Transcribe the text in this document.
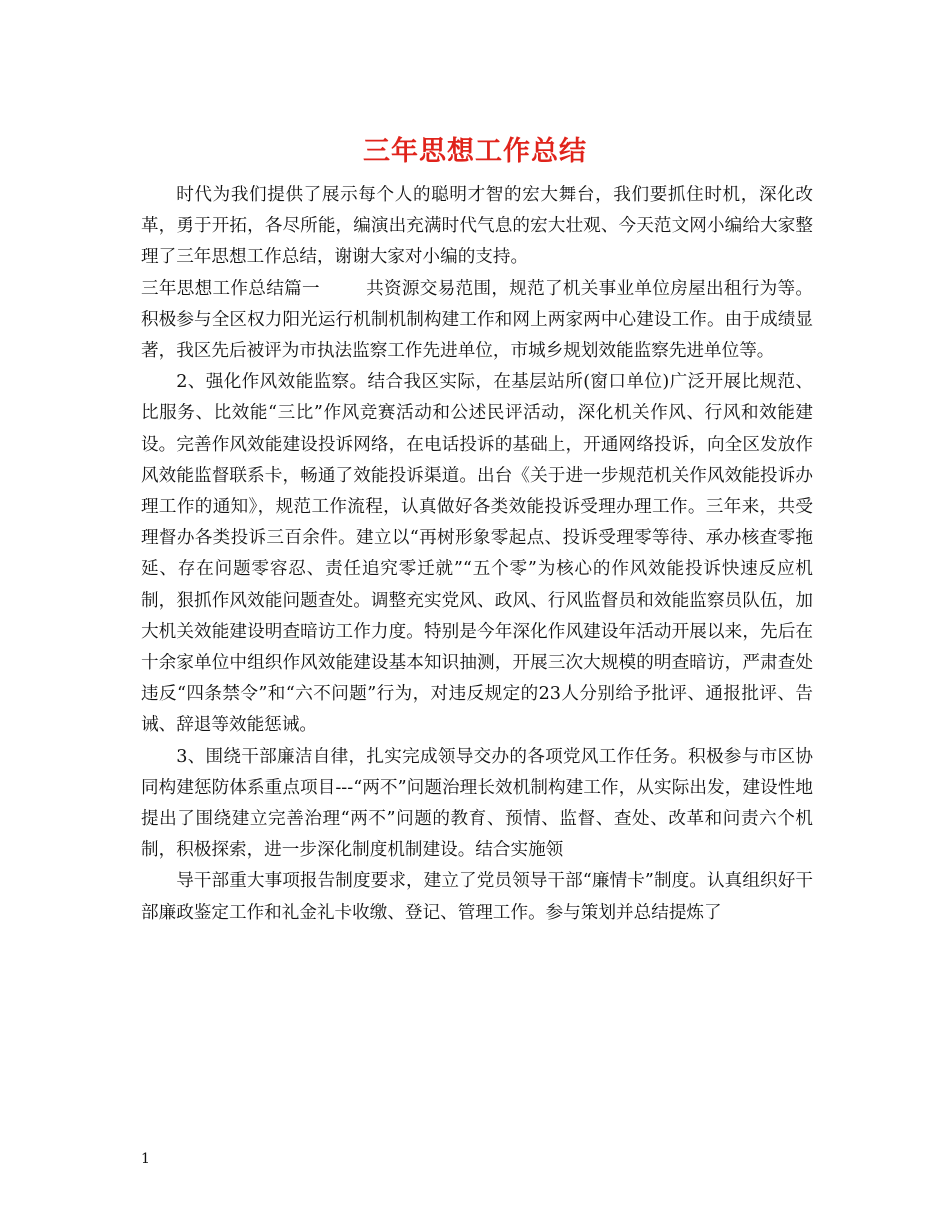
三年思想工作总结

时代为我们提供了展示每个人的聪明才智的宏大舞台，我们要抓住时机，深化改革，勇于开拓，各尽所能，编演出充满时代气息的宏大壮观、今天范文网小编给大家整理了三年思想工作总结，谢谢大家对小编的支持。

三年思想工作总结篇一	共资源交易范围，规范了机关事业单位房屋出租行为等。积极参与全区权力阳光运行机制机制构建工作和网上两家两中心建设工作。由于成绩显著，我区先后被评为市执法监察工作先进单位，市城乡规划效能监察先进单位等。

2、强化作风效能监察。结合我区实际，在基层站所(窗口单位)广泛开展比规范、比服务、比效能“三比”作风竞赛活动和公述民评活动，深化机关作风、行风和效能建设。完善作风效能建设投诉网络，在电话投诉的基础上，开通网络投诉，向全区发放作风效能监督联系卡，畅通了效能投诉渠道。出台《关于进一步规范机关作风效能投诉办理工作的通知》，规范工作流程，认真做好各类效能投诉受理办理工作。三年来，共受理督办各类投诉三百余件。建立以“再树形象零起点、投诉受理零等待、承办核查零拖延、存在问题零容忍、责任追究零迁就”“五个零”为核心的作风效能投诉快速反应机制，狠抓作风效能问题查处。调整充实党风、政风、行风监督员和效能监察员队伍，加大机关效能建设明查暗访工作力度。特别是今年深化作风建设年活动开展以来，先后在十余家单位中组织作风效能建设基本知识抽测，开展三次大规模的明查暗访，严肃查处违反“四条禁令”和“六不问题”行为，对违反规定的23人分别给予批评、通报批评、告诫、辞退等效能惩诫。

3、围绕干部廉洁自律，扎实完成领导交办的各项党风工作任务。积极参与市区协同构建惩防体系重点项目---“两不”问题治理长效机制构建工作，从实际出发，建设性地提出了围绕建立完善治理“两不”问题的教育、预情、监督、查处、改革和问责六个机制，积极探索，进一步深化制度机制建设。结合实施领

导干部重大事项报告制度要求，建立了党员领导干部“廉情卡”制度。认真组织好干部廉政鉴定工作和礼金礼卡收缴、登记、管理工作。参与策划并总结提炼了

1
